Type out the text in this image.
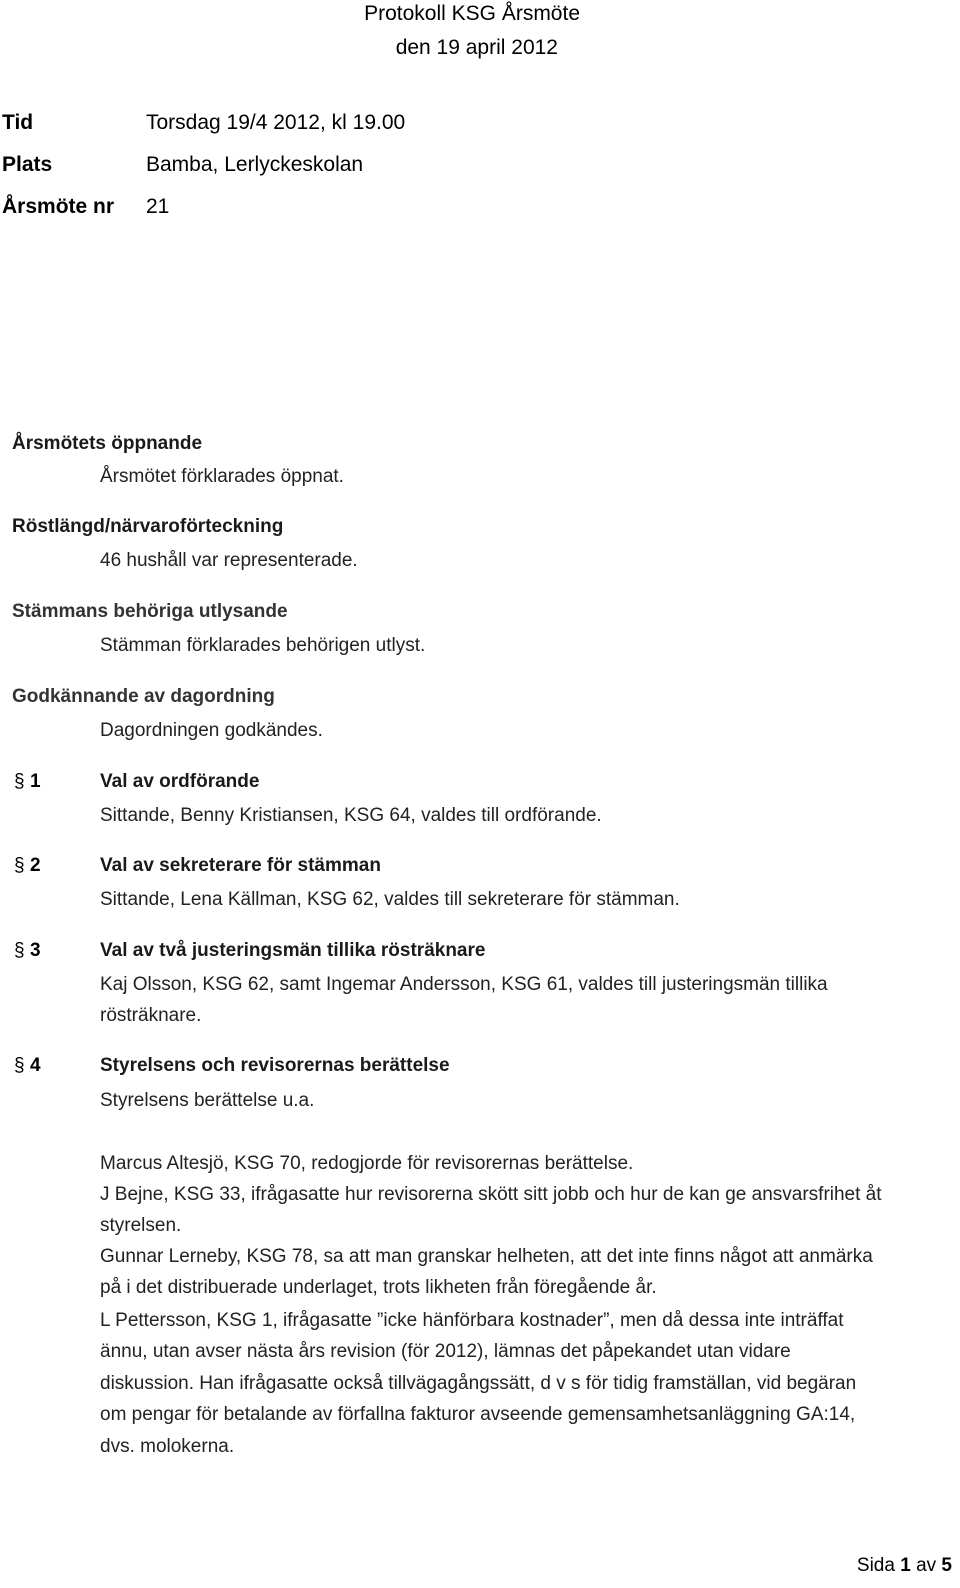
Protokoll KSG Årsmöte
den 19 april 2012
Tid	Torsdag 19/4 2012, kl 19.00
Plats	Bamba, Lerlyckeskolan
Årsmöte nr 21
Årsmötets öppnande
Årsmötet förklarades öppnat.
Röstlängd/närvaroförteckning
46 hushåll var representerade.
Stämmans behöriga utlysande
Stämman förklarades behörigen utlyst.
Godkännande av dagordning
Dagordningen godkändes.
§ 1	Val av ordförande
Sittande, Benny Kristiansen, KSG 64, valdes till ordförande.
§ 2	Val av sekreterare för stämman
Sittande, Lena Källman, KSG 62, valdes till sekreterare för stämman.
§ 3	Val av två justeringsmän tillika rösträknare
Kaj Olsson, KSG 62, samt Ingemar Andersson, KSG 61, valdes till justeringsmän tillika
rösträknare.
§ 4	Styrelsens och revisorernas berättelse
Styrelsens berättelse u.a.
Marcus Altesjö, KSG 70, redogjorde för revisorernas berättelse.
J Bejne, KSG 33, ifrågasatte hur revisorerna skött sitt jobb och hur de kan ge ansvarsfrihet åt
styrelsen.
Gunnar Lerneby, KSG 78, sa att man granskar helheten, att det inte finns något att anmärka
på i det distribuerade underlaget, trots likheten från föregående år.
L Pettersson, KSG 1, ifrågasatte ”icke hänförbara kostnader”, men då dessa inte inträffat
ännu, utan avser nästa års revision (för 2012), lämnas det påpekandet utan vidare
diskussion. Han ifrågasatte också tillvägagångssätt, d v s för tidig framställan, vid begäran
om pengar för betalande av förfallna fakturor avseende gemensamhetsanläggning GA:14,
dvs. molokerna.
Sida 1 av 5
